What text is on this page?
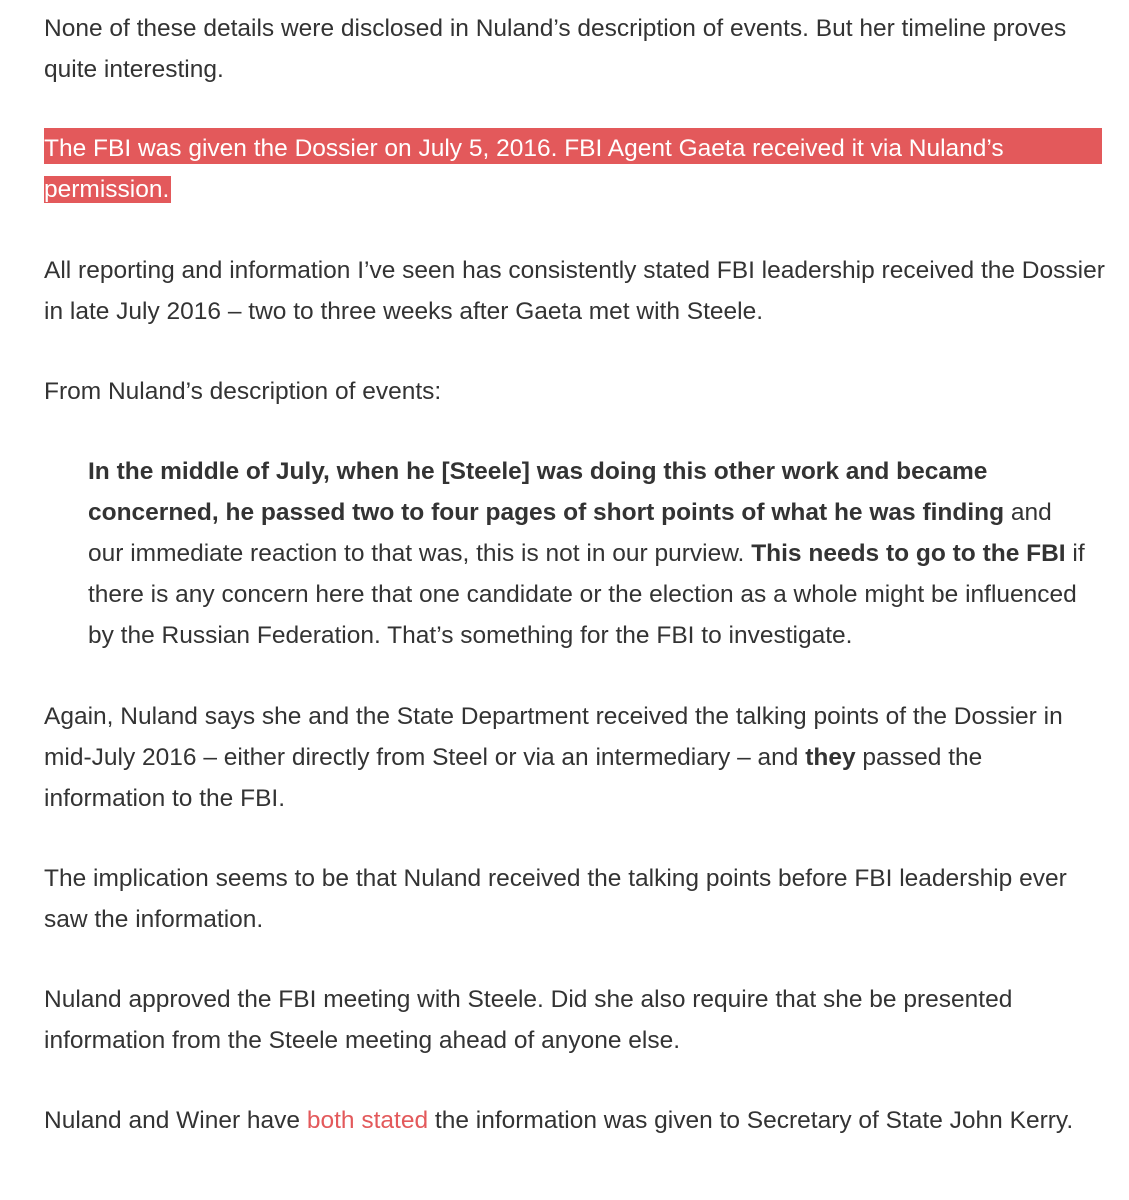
None of these details were disclosed in Nuland’s description of events. But her timeline proves quite interesting.

The FBI was given the Dossier on July 5, 2016. FBI Agent Gaeta received it via Nuland’s
permission.

All reporting and information I’ve seen has consistently stated FBI leadership received the Dossier in late July 2016 – two to three weeks after Gaeta met with Steele.

From Nuland’s description of events:

In the middle of July, when he [Steele] was doing this other work and became concerned, he passed two to four pages of short points of what he was finding and our immediate reaction to that was, this is not in our purview. This needs to go to the FBI if there is any concern here that one candidate or the election as a whole might be influenced by the Russian Federation. That’s something for the FBI to investigate.

Again, Nuland says she and the State Department received the talking points of the Dossier in mid-July 2016 – either directly from Steel or via an intermediary – and they passed the information to the FBI.

The implication seems to be that Nuland received the talking points before FBI leadership ever saw the information.

Nuland approved the FBI meeting with Steele. Did she also require that she be presented information from the Steele meeting ahead of anyone else.

Nuland and Winer have both stated the information was given to Secretary of State John Kerry.
